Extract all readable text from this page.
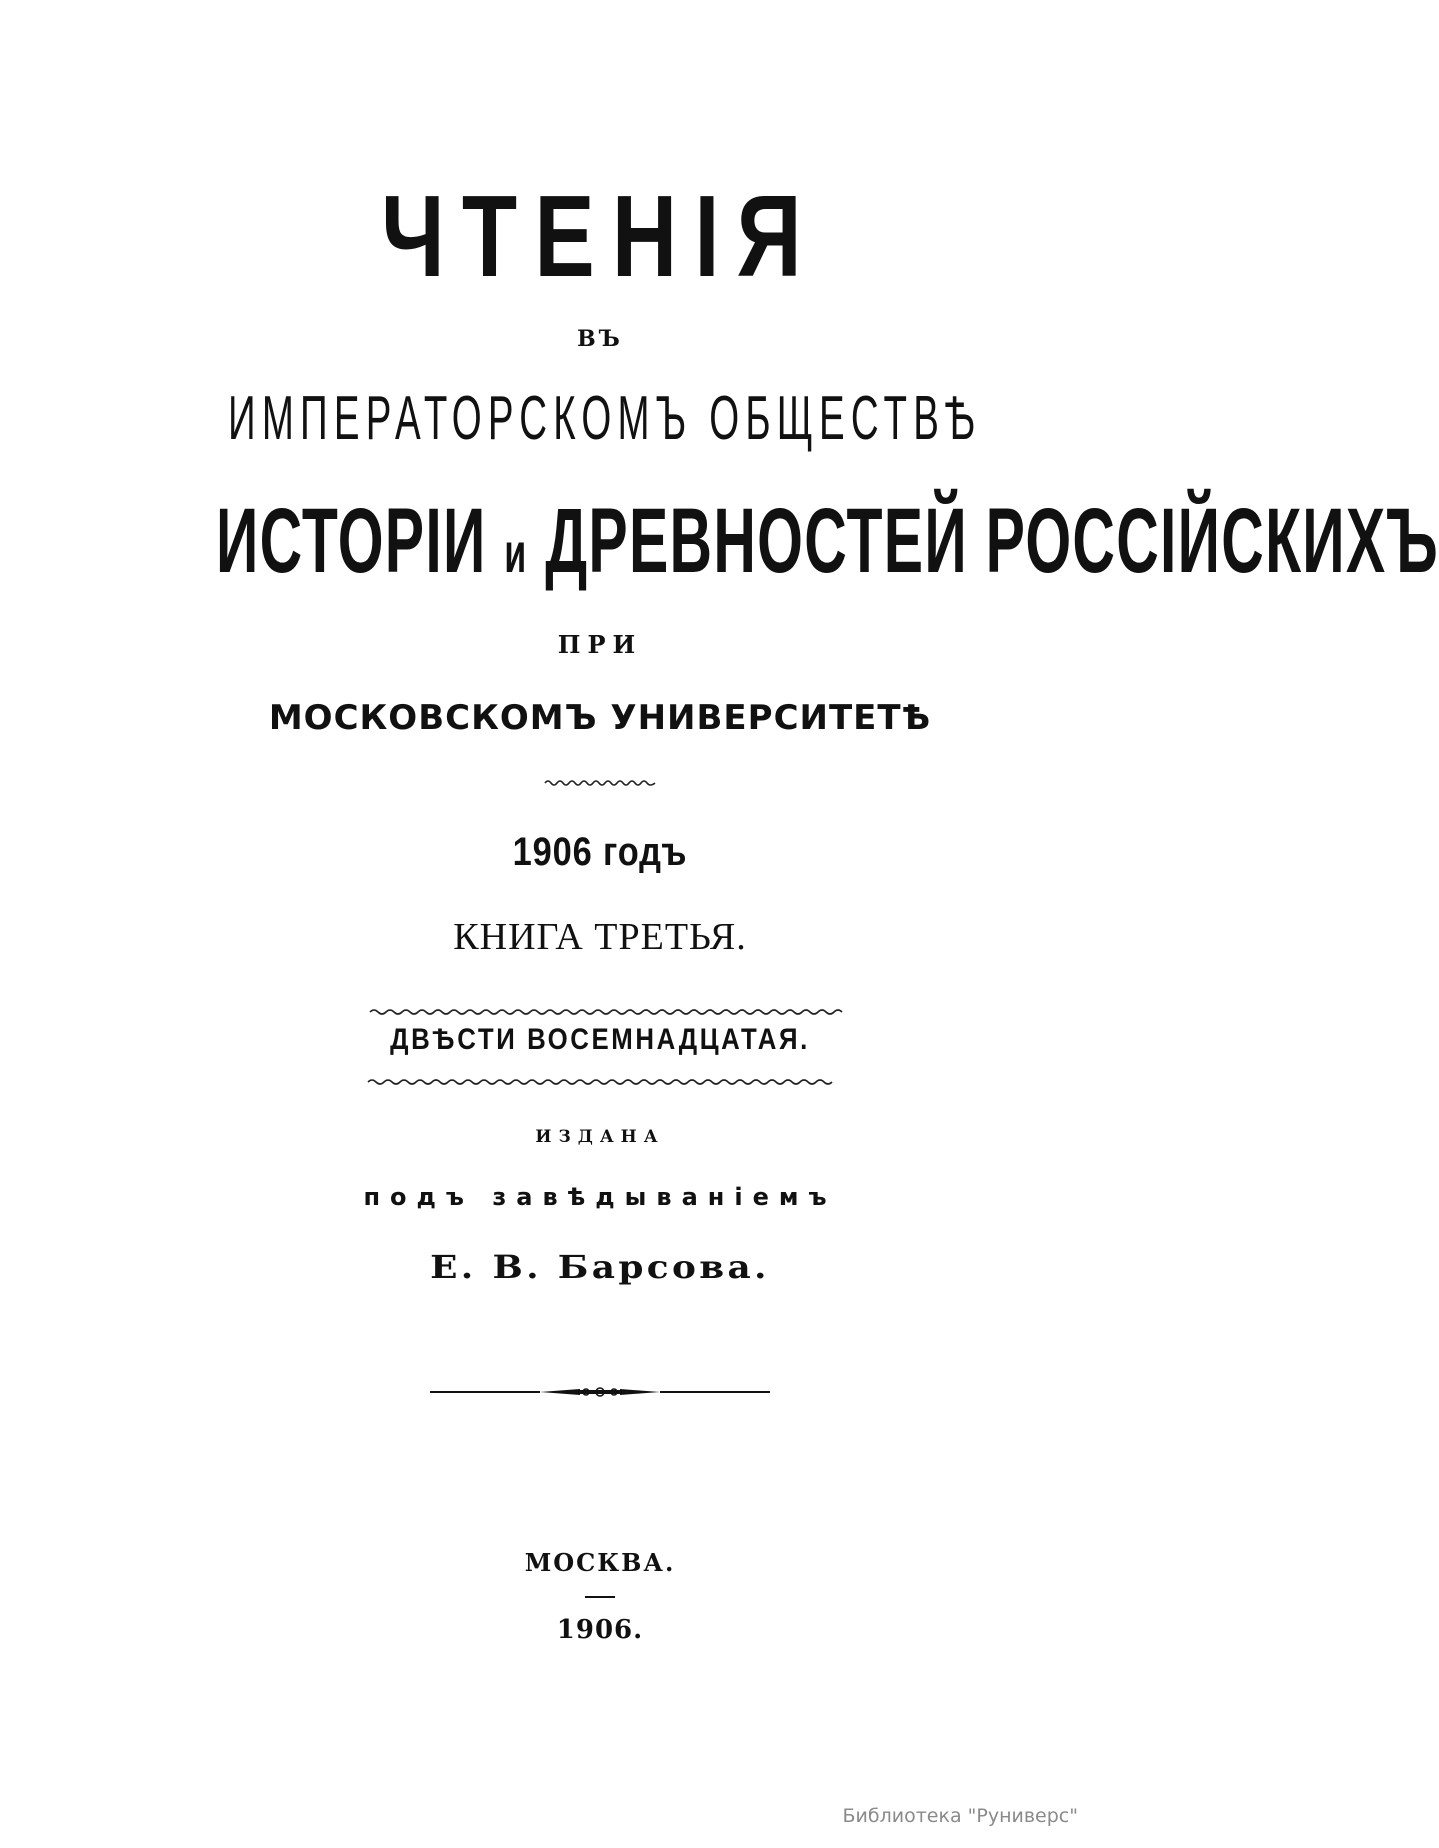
ЧТЕНІЯ
ВЪ
ИМПЕРАТОРСКОМЪ ОБЩЕСТВѢ
ИСТОРІИ и ДРЕВНОСТЕЙ РОССІЙСКИХЪ
ПРИ
МОСКОВСКОМЪ УНИВЕРСИТЕТѢ
1906 годъ
КНИГА ТРЕТЬЯ.
ДВѢСТИ ВОСЕМНАДЦАТАЯ.
ИЗДАНА
подъ завѣдываніемъ
Е. В. Барсова.
МОСКВА.
1906.
Библиотека "Руниверс"
